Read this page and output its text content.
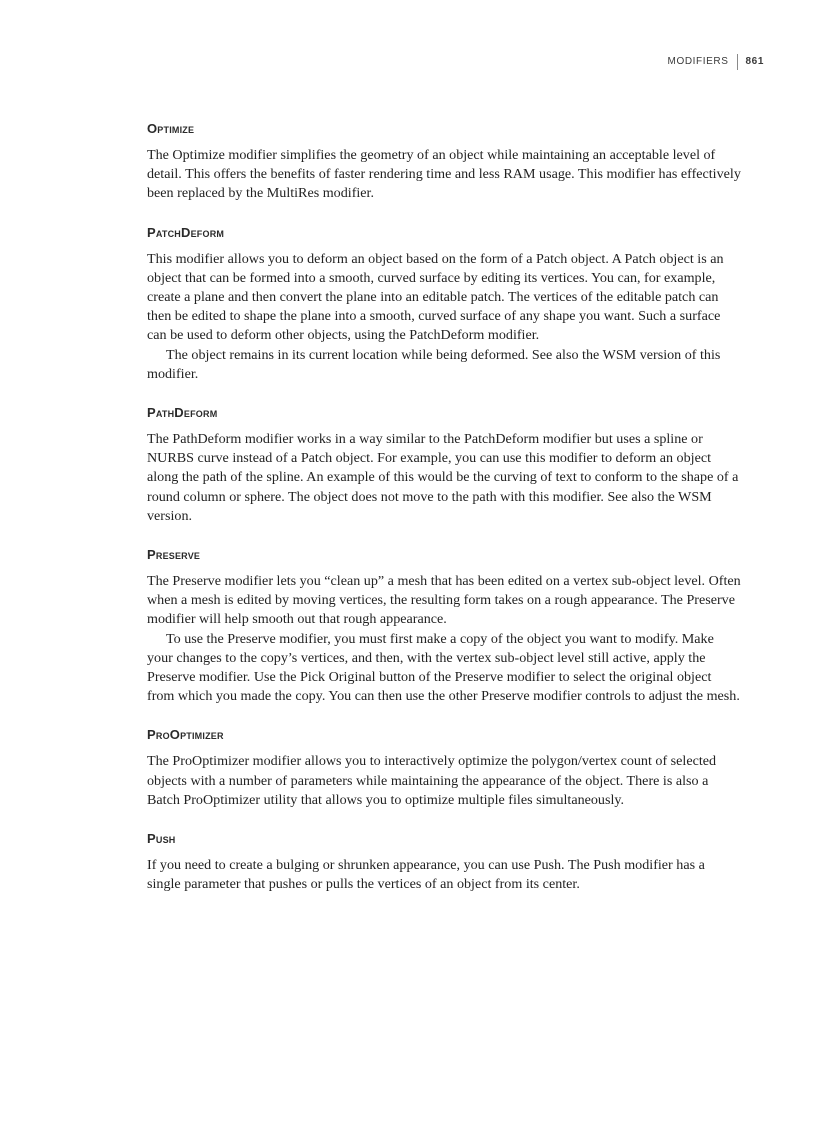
MODIFIERS	861
Optimize

The Optimize modifier simplifies the geometry of an object while maintaining an acceptable level of detail. This offers the benefits of faster rendering time and less RAM usage. This modifier has effectively been replaced by the MultiRes modifier.

PatchDeform

This modifier allows you to deform an object based on the form of a Patch object. A Patch object is an object that can be formed into a smooth, curved surface by editing its vertices. You can, for example, create a plane and then convert the plane into an editable patch. The vertices of the editable patch can then be edited to shape the plane into a smooth, curved surface of any shape you want. Such a surface can be used to deform other objects, using the PatchDeform modifier.

The object remains in its current location while being deformed. See also the WSM version of this modifier.

PathDeform

The PathDeform modifier works in a way similar to the PatchDeform modifier but uses a spline or NURBS curve instead of a Patch object. For example, you can use this modifier to deform an object along the path of the spline. An example of this would be the curving of text to conform to the shape of a round column or sphere. The object does not move to the path with this modifier. See also the WSM version.

Preserve

The Preserve modifier lets you “clean up” a mesh that has been edited on a vertex sub-object level. Often when a mesh is edited by moving vertices, the resulting form takes on a rough appearance. The Preserve modifier will help smooth out that rough appearance.

To use the Preserve modifier, you must first make a copy of the object you want to modify. Make your changes to the copy’s vertices, and then, with the vertex sub-object level still active, apply the Preserve modifier. Use the Pick Original button of the Preserve modifier to select the original object from which you made the copy. You can then use the other Preserve modifier controls to adjust the mesh.

ProOptimizer

The ProOptimizer modifier allows you to interactively optimize the polygon/vertex count of selected objects with a number of parameters while maintaining the appearance of the object. There is also a Batch ProOptimizer utility that allows you to optimize multiple files simultaneously.

Push

If you need to create a bulging or shrunken appearance, you can use Push. The Push modifier has a single parameter that pushes or pulls the vertices of an object from its center.
